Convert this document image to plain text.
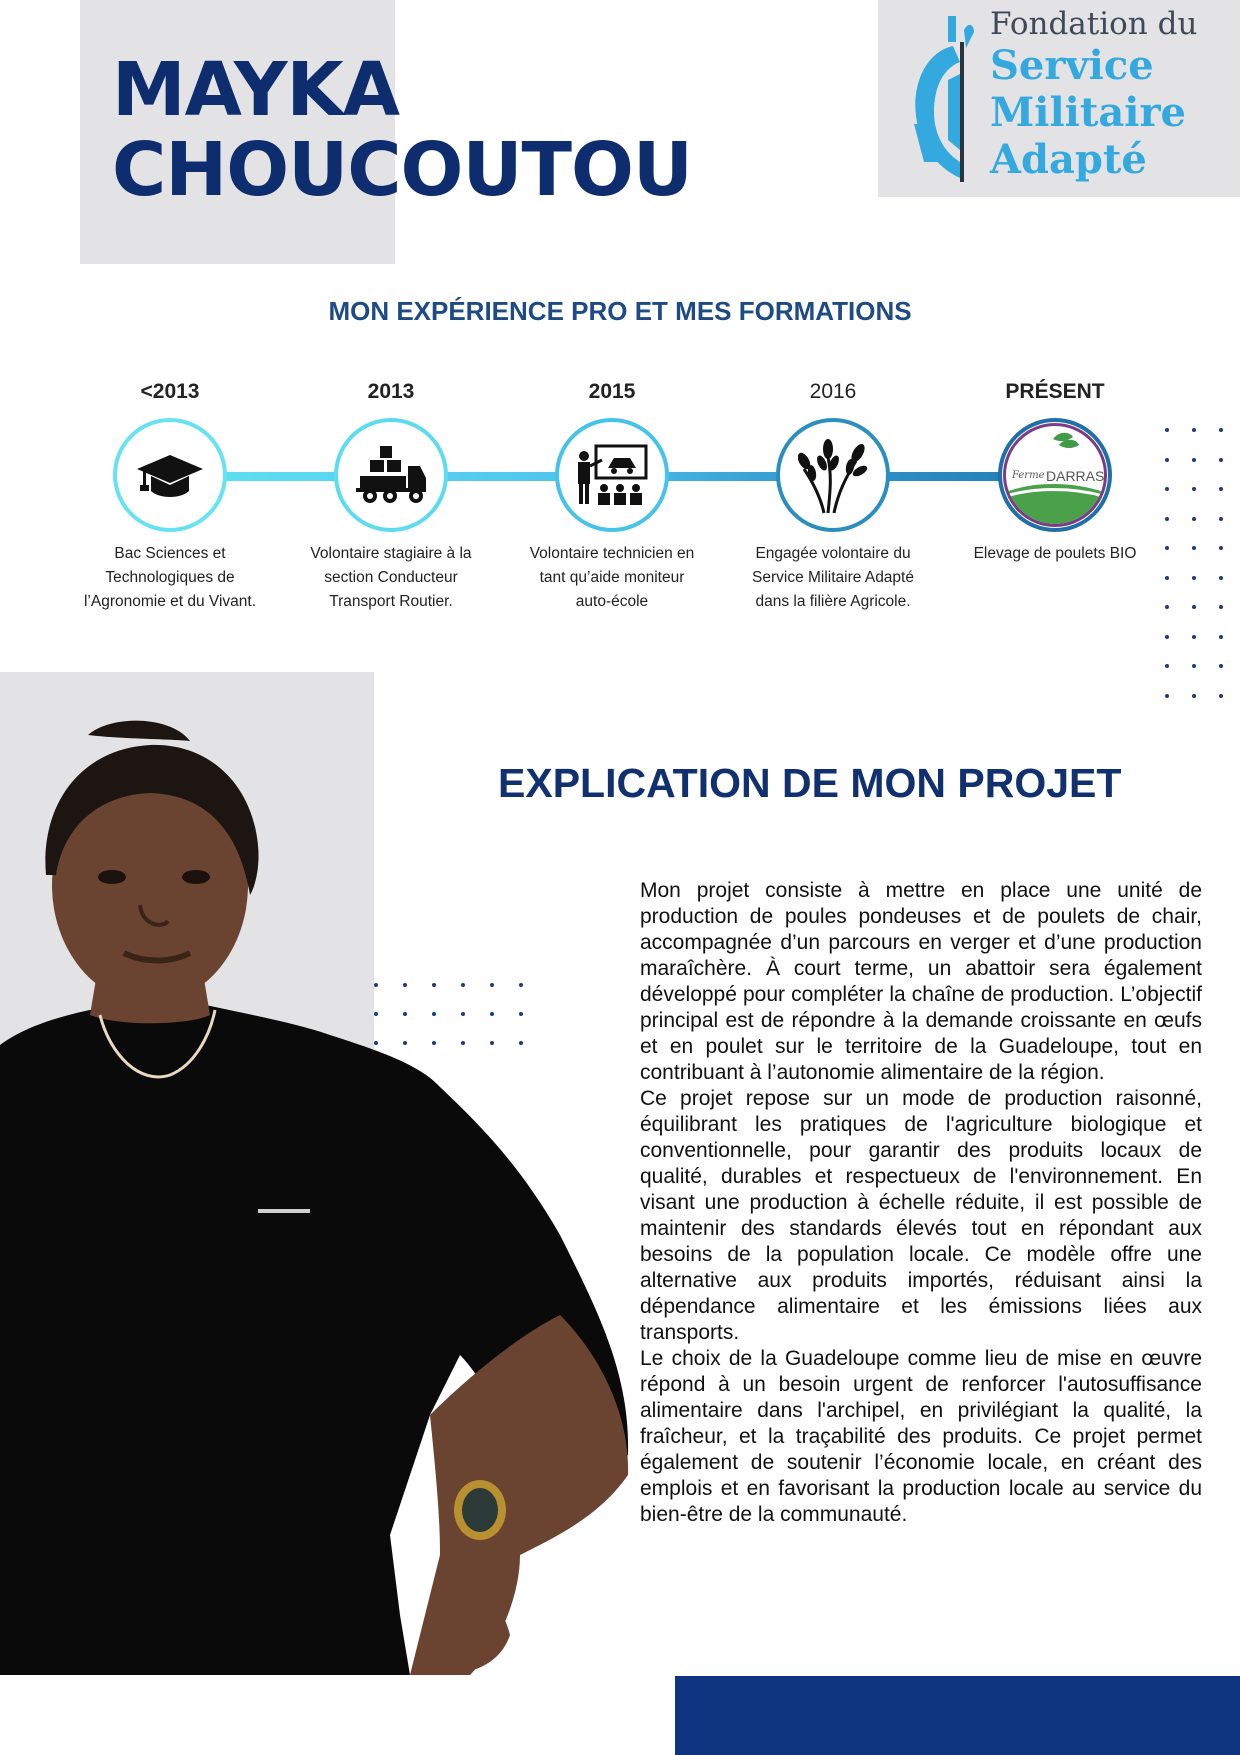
MAYKA
CHOUCOUTOU
Fondation du
Service
Militaire
Adapté
MON EXPÉRIENCE PRO ET MES FORMATIONS
<2013
Bac Sciences et Technologiques de l’Agronomie et du Vivant.
2013
Volontaire stagiaire à la section Conducteur Transport Routier.
2015
Volontaire technicien en tant qu’aide moniteur auto-école
2016
Engagée volontaire du Service Militaire Adapté dans la filière Agricole.
PRÉSENT
Ferme DARRAS
Elevage de poulets BIO
EXPLICATION DE MON PROJET

Mon projet consiste à mettre en place une unité de production de poules pondeuses et de poulets de chair, accompagnée d’un parcours en verger et d’une production maraîchère. À court terme, un abattoir sera également développé pour compléter la chaîne de production. L’objectif principal est de répondre à la demande croissante en œufs et en poulet sur le territoire de la Guadeloupe, tout en contribuant à l’autonomie alimentaire de la région.

Ce projet repose sur un mode de production raisonné, équilibrant les pratiques de l'agriculture biologique et conventionnelle, pour garantir des produits locaux de qualité, durables et respectueux de l'environnement. En visant une production à échelle réduite, il est possible de maintenir des standards élevés tout en répondant aux besoins de la population locale. Ce modèle offre une alternative aux produits importés, réduisant ainsi la dépendance alimentaire et les émissions liées aux transports.

Le choix de la Guadeloupe comme lieu de mise en œuvre répond à un besoin urgent de renforcer l'autosuffisance alimentaire dans l'archipel, en privilégiant la qualité, la fraîcheur, et la traçabilité des produits. Ce projet permet également de soutenir l’économie locale, en créant des emplois et en favorisant la production locale au service du bien-être de la communauté.
